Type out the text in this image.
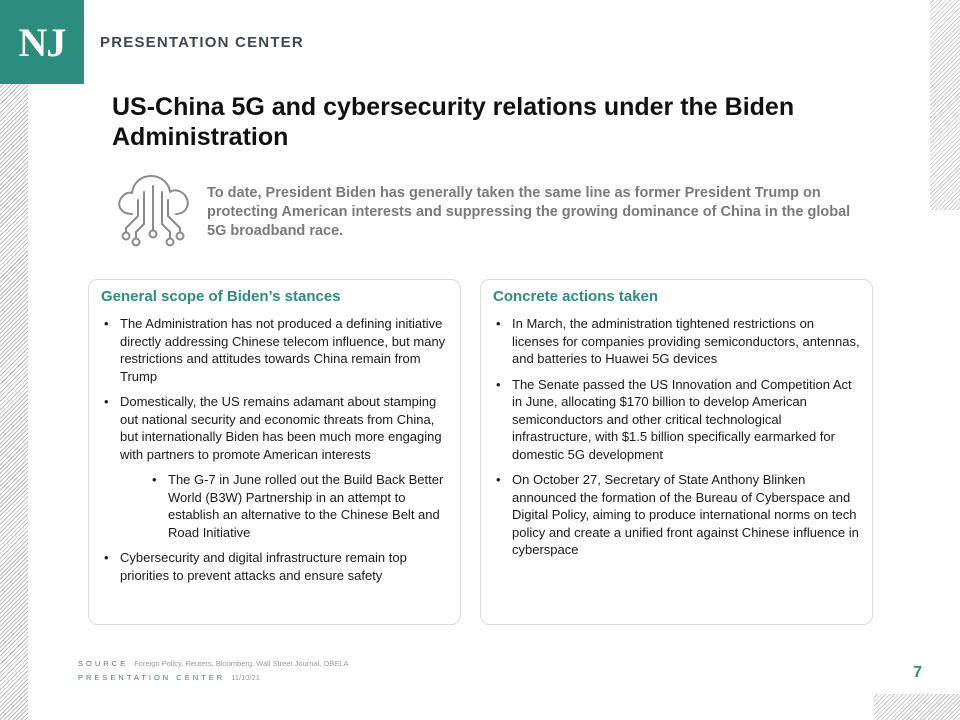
NJ PRESENTATION CENTER
US-China 5G and cybersecurity relations under the Biden Administration
To date, President Biden has generally taken the same line as former President Trump on protecting American interests and suppressing the growing dominance of China in the global 5G broadband race.
General scope of Biden’s stances
• The Administration has not produced a defining initiative directly addressing Chinese telecom influence, but many restrictions and attitudes towards China remain from Trump
• Domestically, the US remains adamant about stamping out national security and economic threats from China, but internationally Biden has been much more engaging with partners to promote American interests
• The G-7 in June rolled out the Build Back Better World (B3W) Partnership in an attempt to establish an alternative to the Chinese Belt and Road Initiative
• Cybersecurity and digital infrastructure remain top priorities to prevent attacks and ensure safety
Concrete actions taken
• In March, the administration tightened restrictions on licenses for companies providing semiconductors, antennas, and batteries to Huawei 5G devices
• The Senate passed the US Innovation and Competition Act in June, allocating $170 billion to develop American semiconductors and other critical technological infrastructure, with $1.5 billion specifically earmarked for domestic 5G development
• On October 27, Secretary of State Anthony Blinken announced the formation of the Bureau of Cyberspace and Digital Policy, aiming to produce international norms on tech policy and create a unified front against Chinese influence in cyberspace
SOURCE Foreign Policy, Reuters, Bloomberg, Wall Street Journal, OBELA
PRESENTATION CENTER 11/10/21	7
